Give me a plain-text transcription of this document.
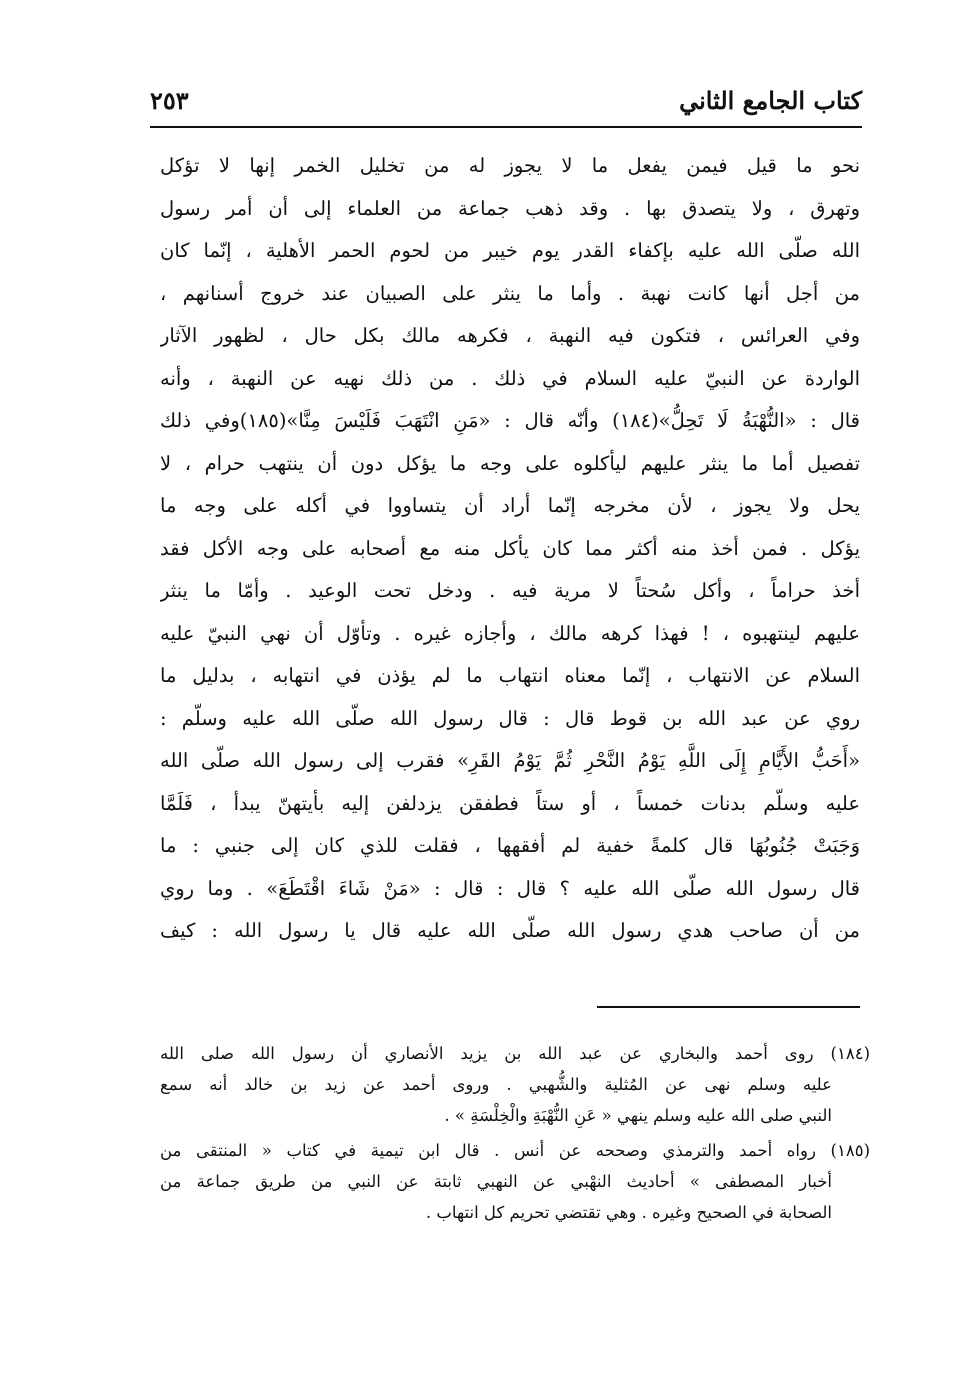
كتاب الجامع الثاني
٢٥٣
نحو ما قيل فيمن يفعل ما لا يجوز له من تخليل الخمر إنها لا تؤكل
وتهرق ، ولا يتصدق بها . وقد ذهب جماعة من العلماء إلى أن أمر رسول
الله صلّى الله عليه بإكفاء القدر يوم خيبر من لحوم الحمر الأهلية ، إنّما كان
من أجل أنها كانت نهبة . وأما ما ينثر على الصبيان عند خروج أسنانهم ،
وفي العرائس ، فتكون فيه النهبة ، فكرهه مالك بكل حال ، لظهور الآثار
الواردة عن النبيّ عليه السلام في ذلك . من ذلك نهيه عن النهبة ، وأنه
قال : «النُّهْبَةُ لَا تَحِلُّ»(١٨٤) وأنّه قال : «مَنِ انْتَهَبَ فَلَيْسَ مِنَّا»(١٨٥)وفي ذلك
تفصيل أما ما ينثر عليهم ليأكلوه على وجه ما يؤكل دون أن ينتهب حرام ، لا
يحل ولا يجوز ، لأن مخرجه إنّما أراد أن يتساووا في أكله على وجه ما
يؤكل . فمن أخذ منه أكثر مما كان يأكل منه مع أصحابه على وجه الأكل فقد
أخذ حراماً ، وأكل سُحتاً لا مرية فيه . ودخل تحت الوعيد . وأمّا ما ينثر
عليهم لينتهبوه ، ! فهذا كرهه مالك ، وأجازه غيره . وتأوّل أن نهي النبيّ عليه
السلام عن الانتهاب ، إنّما معناه انتهاب ما لم يؤذن في انتهابه ، بدليل ما
روي عن عبد الله بن قوط قال : قال رسول الله صلّى الله عليه وسلّم :
«أَحَبُّ الأَيَّامِ إِلَى اللَّهِ يَوْمُ النَّحْرِ ثُمَّ يَوْمُ القَرِ» فقرب إلى رسول الله صلّى الله
عليه وسلّم بدنات خمساً ، أو ستاً فطفقن يزدلفن إليه بأيتهنّ يبدأ ، فَلَمَّا
وَجَبَتْ جُنُوبُهَا قال كلمةً خفية لم أفقهها ، فقلت للذي كان إلى جنبي : ما
قال رسول الله صلّى الله عليه ؟ قال : قال : «مَنْ شَاءَ اقْتَطَعَ» . وما روي
من أن صاحب هدي رسول الله صلّى الله عليه قال يا رسول الله : كيف
(١٨٤) روى أحمد والبخاري عن عبد الله بن يزيد الأنصاري أن رسول الله صلى الله
عليه وسلم نهى عن المُثلية والشُّهبي . وروى أحمد عن زيد بن خالد أنه سمع
النبي صلى الله عليه وسلم ينهي « عَنِ النُّهْبَةِ والْخِلْسَةِ » .
(١٨٥) رواه أحمد والترمذي وصححه عن أنس . قال ابن تيمية في كتاب « المنتقى من
أخبار المصطفى » أحاديث النهْبي عن النهبي ثابتة عن النبي من طريق جماعة من
الصحابة في الصحيح وغيره . وهي تقتضي تحريم كل انتهاب .
